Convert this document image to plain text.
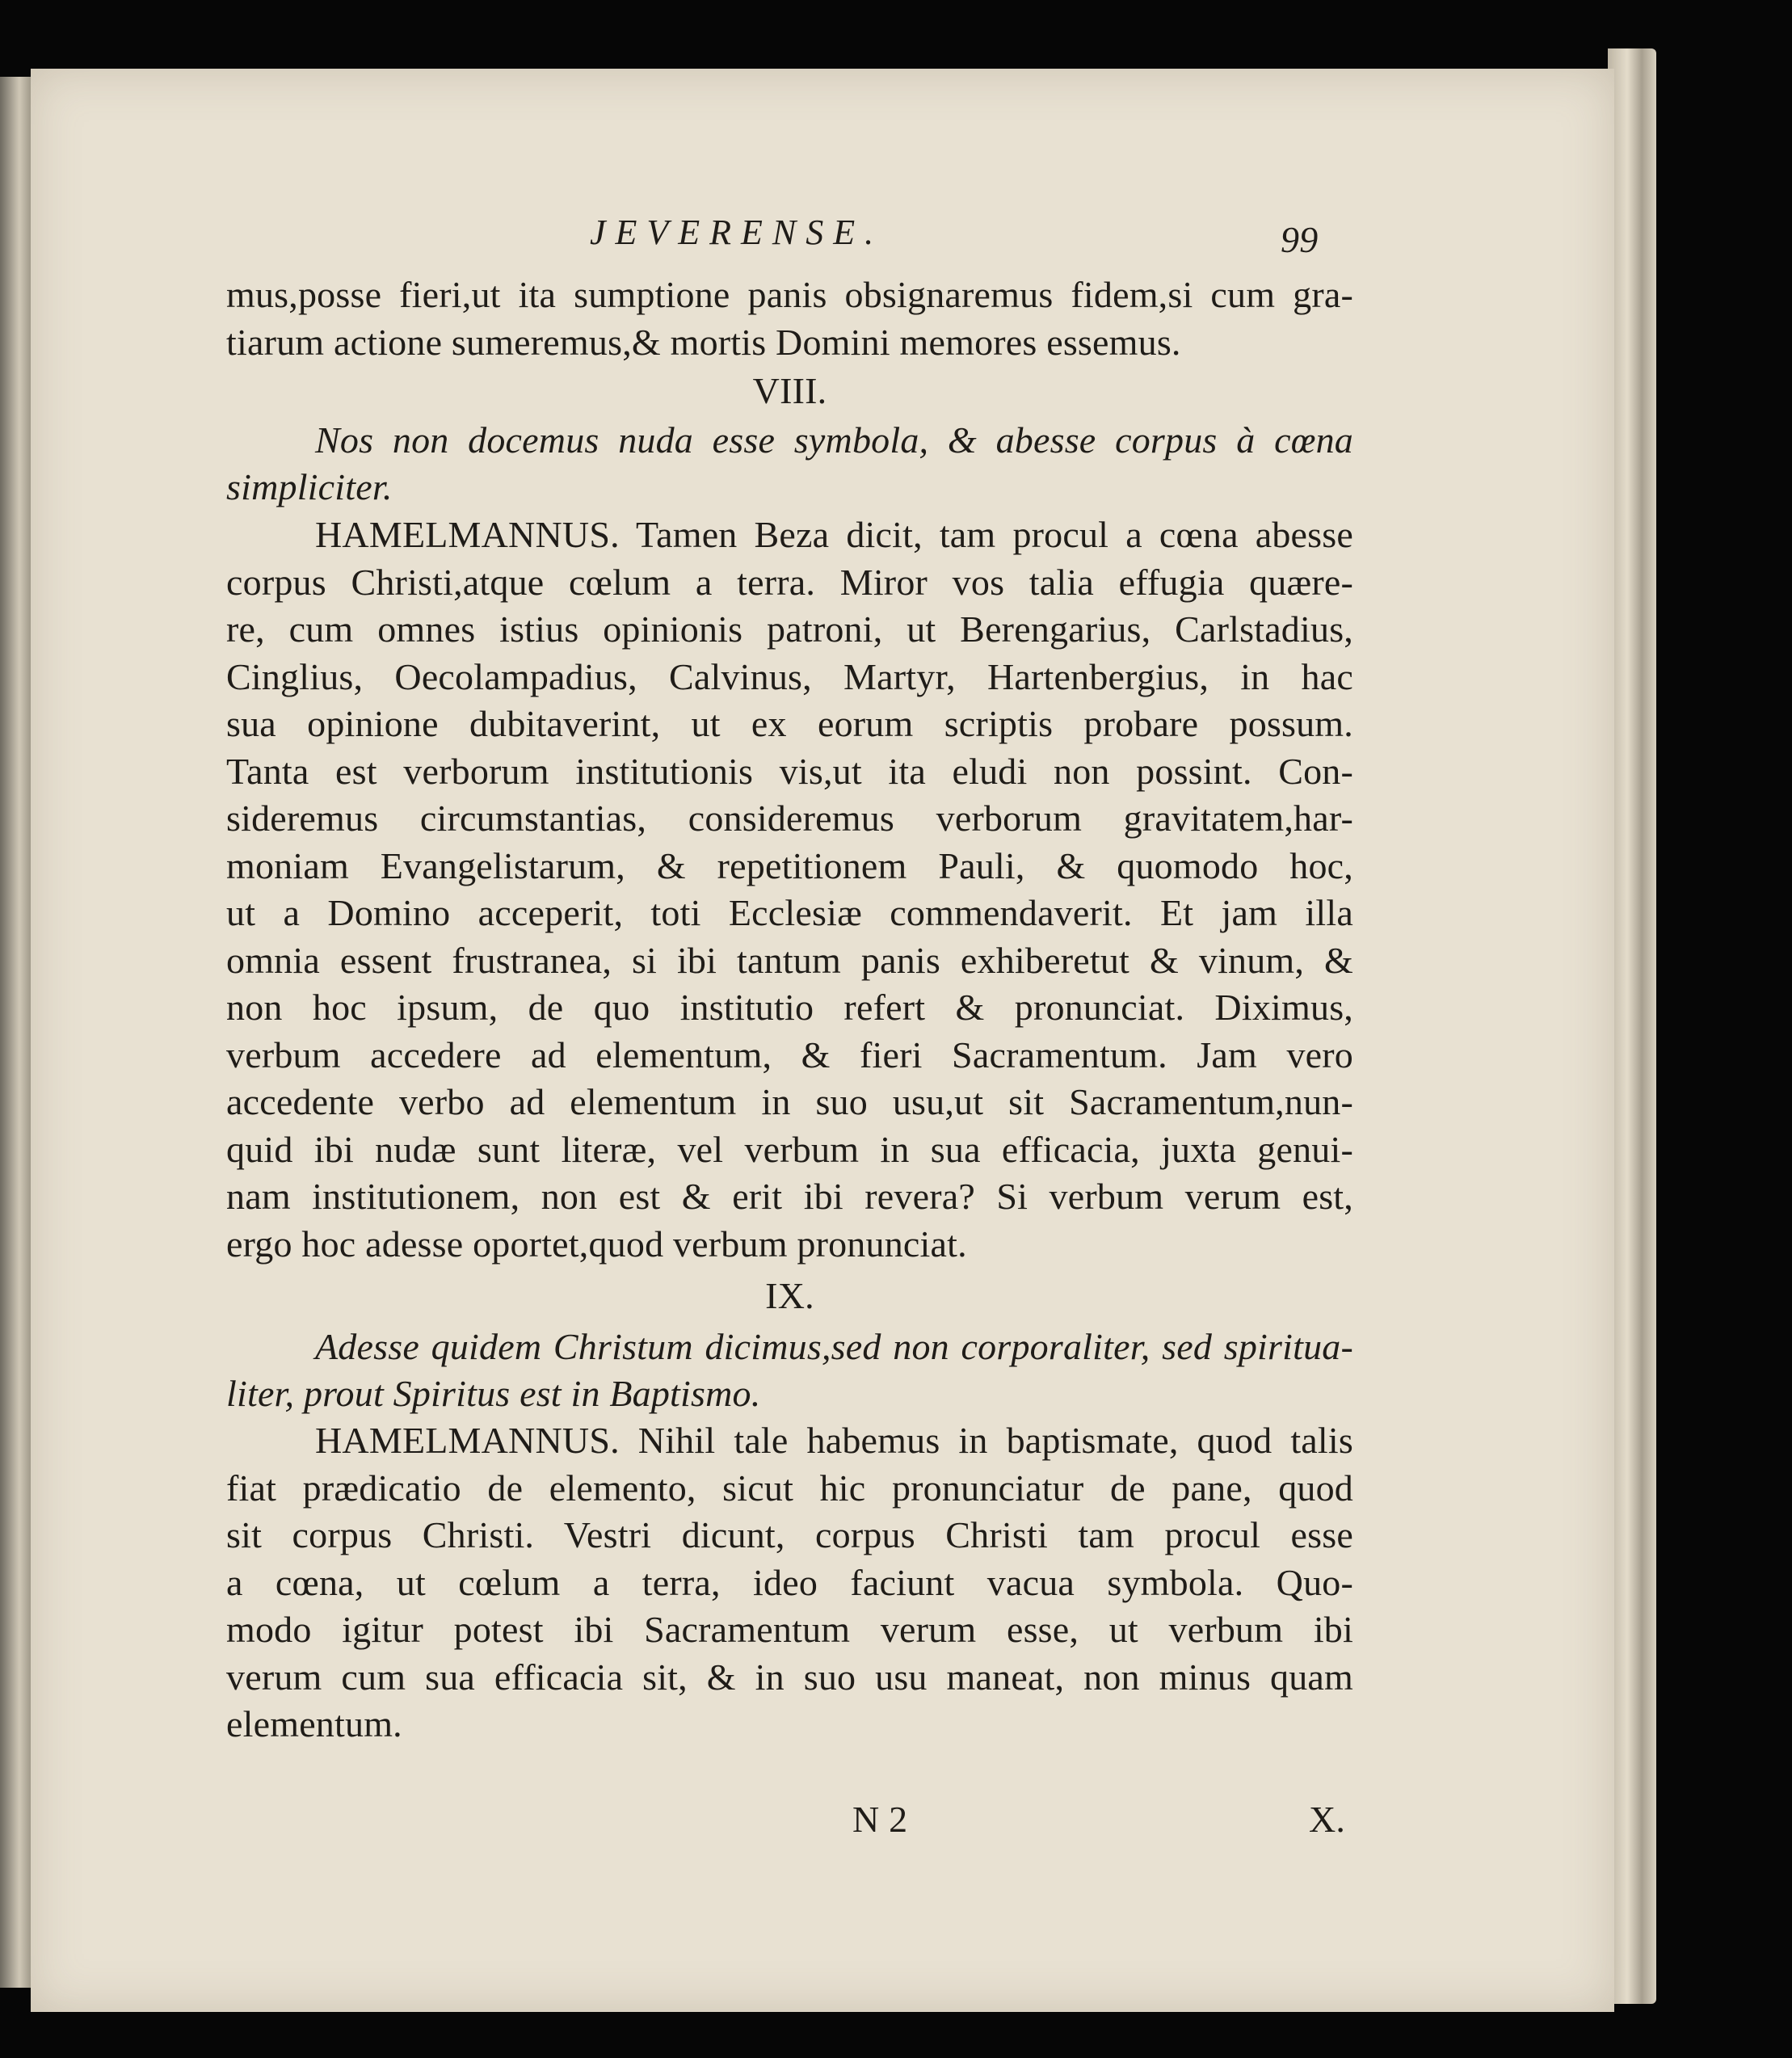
JEVERENSE.	99
mus,posse fieri,ut ita sumptione panis obsignaremus fidem,si cum gra-
tiarum actione sumeremus,& mortis Domini memores essemus.
VIII.
Nos non docemus nuda esse symbola, & abesse corpus à cœna
simpliciter.
HAMELMANNUS. Tamen Beza dicit, tam procul a cœna abesse
corpus Christi,atque cœlum a terra. Miror vos talia effugia quære-
re, cum omnes istius opinionis patroni, ut Berengarius, Carlstadius,
Cinglius, Oecolampadius, Calvinus, Martyr, Hartenbergius, in hac
sua opinione dubitaverint, ut ex eorum scriptis probare possum.
Tanta est verborum institutionis vis,ut ita eludi non possint. Con-
sideremus circumstantias, consideremus verborum gravitatem,har-
moniam Evangelistarum, & repetitionem Pauli, & quomodo hoc,
ut a Domino acceperit, toti Ecclesiæ commendaverit. Et jam illa
omnia essent frustranea, si ibi tantum panis exhiberetut & vinum, &
non hoc ipsum, de quo institutio refert & pronunciat. Diximus,
verbum accedere ad elementum, & fieri Sacramentum. Jam vero
accedente verbo ad elementum in suo usu,ut sit Sacramentum,nun-
quid ibi nudæ sunt literæ, vel verbum in sua efficacia, juxta genui-
nam institutionem, non est & erit ibi revera? Si verbum verum est,
ergo hoc adesse oportet,quod verbum pronunciat.
IX.
Adesse quidem Christum dicimus,sed non corporaliter, sed spiritua-
liter, prout Spiritus est in Baptismo.
HAMELMANNUS. Nihil tale habemus in baptismate, quod talis
fiat prædicatio de elemento, sicut hic pronunciatur de pane, quod
sit corpus Christi. Vestri dicunt, corpus Christi tam procul esse
a cœna, ut cœlum a terra, ideo faciunt vacua symbola. Quo-
modo igitur potest ibi Sacramentum verum esse, ut verbum ibi
verum cum sua efficacia sit, & in suo usu maneat, non minus quam
elementum.
N 2	X.
